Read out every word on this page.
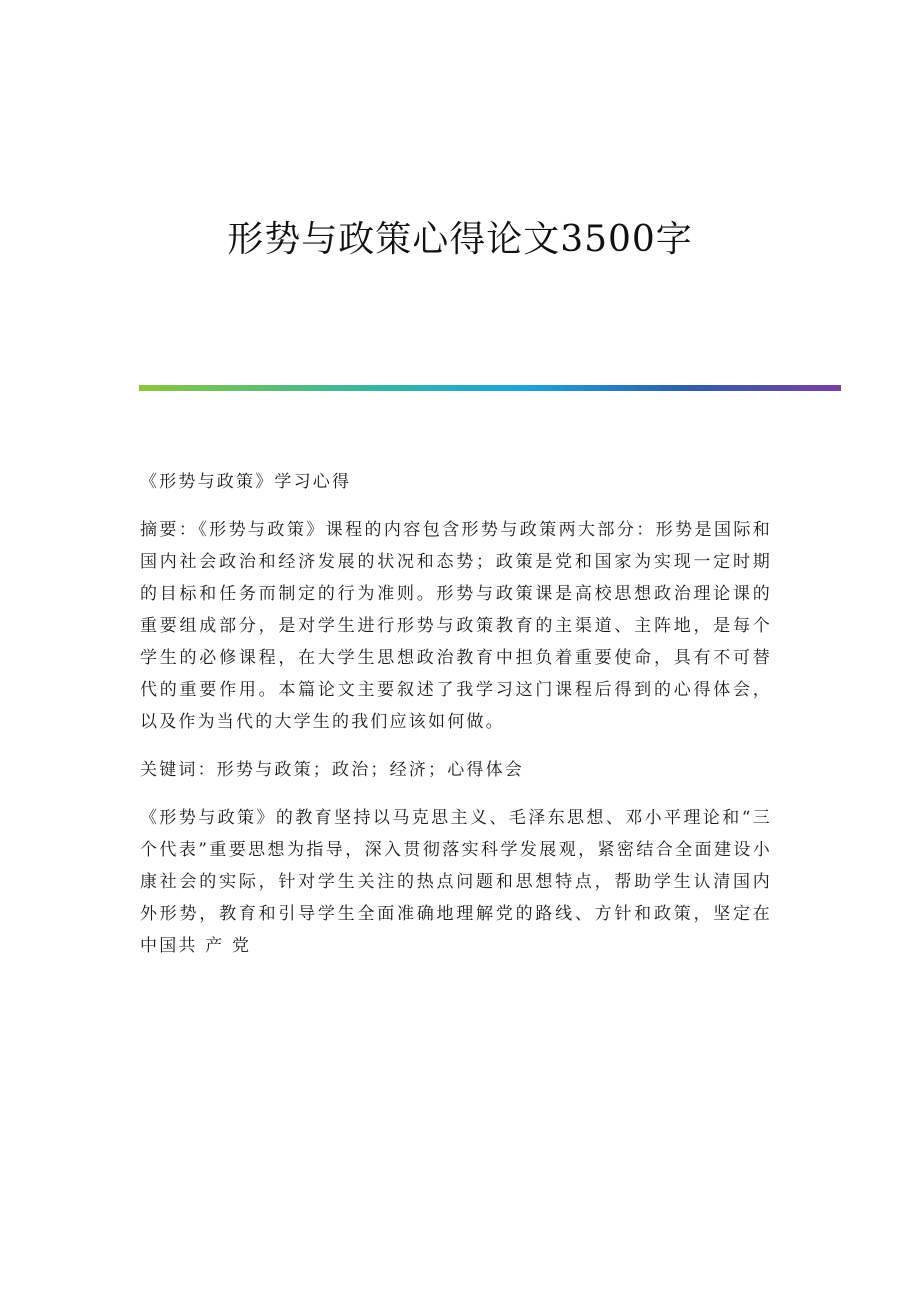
形势与政策心得论文3500字

《形势与政策》学习心得

摘要：《形势与政策》课程的内容包含形势与政策两大部分：形势是国际和国内社会政治和经济发展的状况和态势；政策是党和国家为实现一定时期的目标和任务而制定的行为准则。形势与政策课是高校思想政治理论课的重要组成部分，是对学生进行形势与政策教育的主渠道、主阵地，是每个学生的必修课程，在大学生思想政治教育中担负着重要使命，具有不可替代的重要作用。本篇论文主要叙述了我学习这门课程后得到的心得体会，以及作为当代的大学生的我们应该如何做。

关键词：形势与政策；政治；经济；心得体会

《形势与政策》的教育坚持以马克思主义、毛泽东思想、邓小平理论和“三个代表”重要思想为指导，深入贯彻落实科学发展观，紧密结合全面建设小康社会的实际，针对学生关注的热点问题和思想特点，帮助学生认清国内外形势，教育和引导学生全面准确地理解党的路线、方针和政策，坚定在中国共 产 党
